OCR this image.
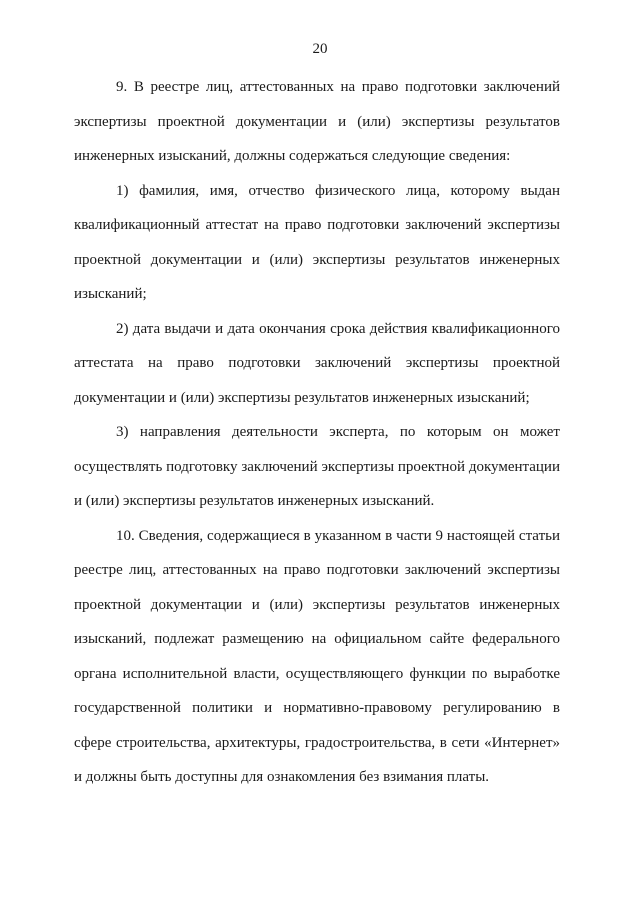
20

9. В реестре лиц, аттестованных на право подготовки заключений экспертизы проектной документации и (или) экспертизы результатов инженерных изысканий, должны содержаться следующие сведения:

1) фамилия, имя, отчество физического лица, которому выдан квалификационный аттестат на право подготовки заключений экспертизы проектной документации и (или) экспертизы результатов инженерных изысканий;

2) дата выдачи и дата окончания срока действия квалификационного аттестата на право подготовки заключений экспертизы проектной документации и (или) экспертизы результатов инженерных изысканий;

3) направления деятельности эксперта, по которым он может осуществлять подготовку заключений экспертизы проектной документации и (или) экспертизы результатов инженерных изысканий.

10. Сведения, содержащиеся в указанном в части 9 настоящей статьи реестре лиц, аттестованных на право подготовки заключений экспертизы проектной документации и (или) экспертизы результатов инженерных изысканий, подлежат размещению на официальном сайте федерального органа исполнительной власти, осуществляющего функции по выработке государственной политики и нормативно-правовому регулированию в сфере строительства, архитектуры, градостроительства, в сети «Интернет» и должны быть доступны для ознакомления без взимания платы.
